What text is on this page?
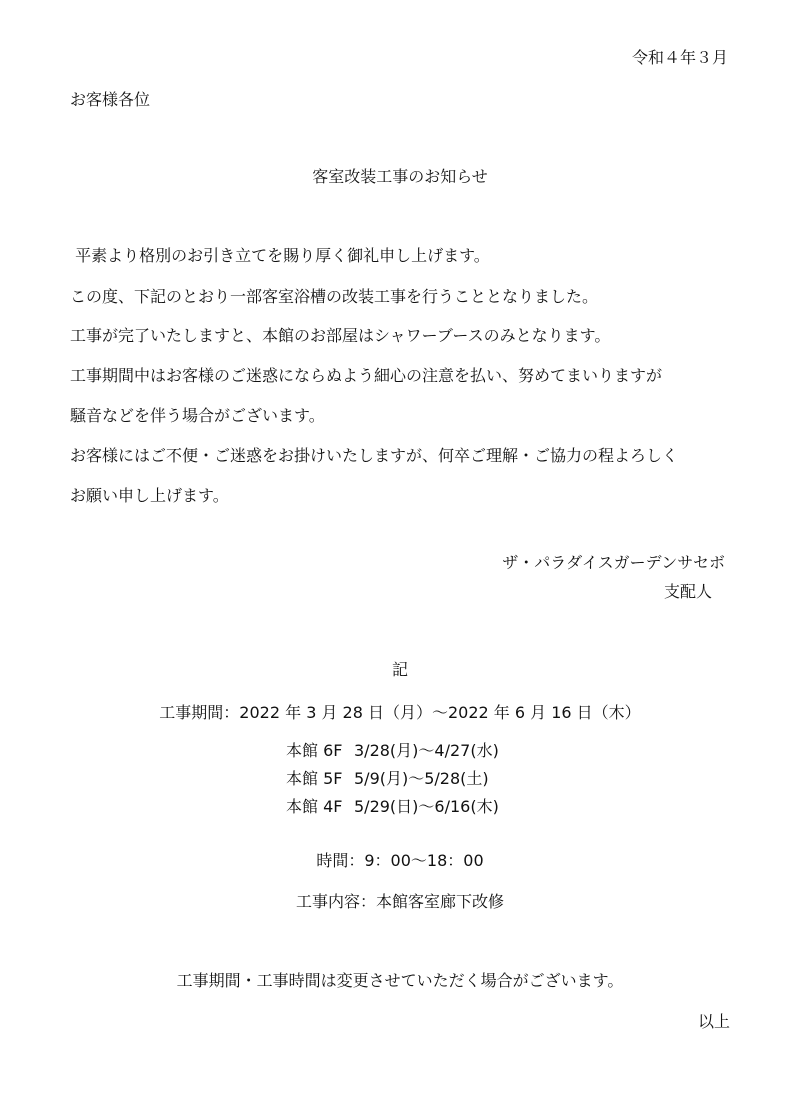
令和４年３月
お客様各位
客室改装工事のお知らせ
平素より格別のお引き立てを賜り厚く御礼申し上げます。
この度、下記のとおり一部客室浴槽の改装工事を行うこととなりました。
工事が完了いたしますと、本館のお部屋はシャワーブースのみとなります。
工事期間中はお客様のご迷惑にならぬよう細心の注意を払い、努めてまいりますが
騒音などを伴う場合がございます。
お客様にはご不便・ご迷惑をお掛けいたしますが、何卒ご理解・ご協力の程よろしく
お願い申し上げます。
ザ・パラダイスガーデンサセボ
支配人
記
工事期間：2022 年 3 月 28 日（月）～2022 年 6 月 16 日（木）
本館 6F 3/28(月)～4/27(水)
本館 5F 5/9(月)～5/28(土)
本館 4F 5/29(日)～6/16(木)
時間：9：00～18：00
工事内容：本館客室廊下改修
工事期間・工事時間は変更させていただく場合がございます。
以上
